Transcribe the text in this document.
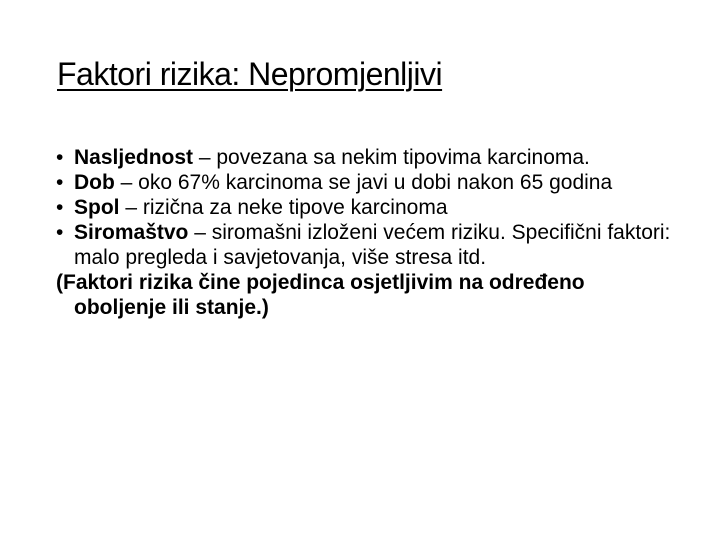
Faktori rizika: Nepromjenljivi
• Nasljednost – povezana sa nekim tipovima karcinoma.
• Dob – oko 67% karcinoma se javi u dobi nakon 65 godina
• Spol – rizična za neke tipove karcinoma
• Siromaštvo – siromašni izloženi većem riziku. Specifični faktori: malo pregleda i savjetovanja, više stresa itd.
(Faktori rizika čine pojedinca osjetljivim na određeno oboljenje ili stanje.)
